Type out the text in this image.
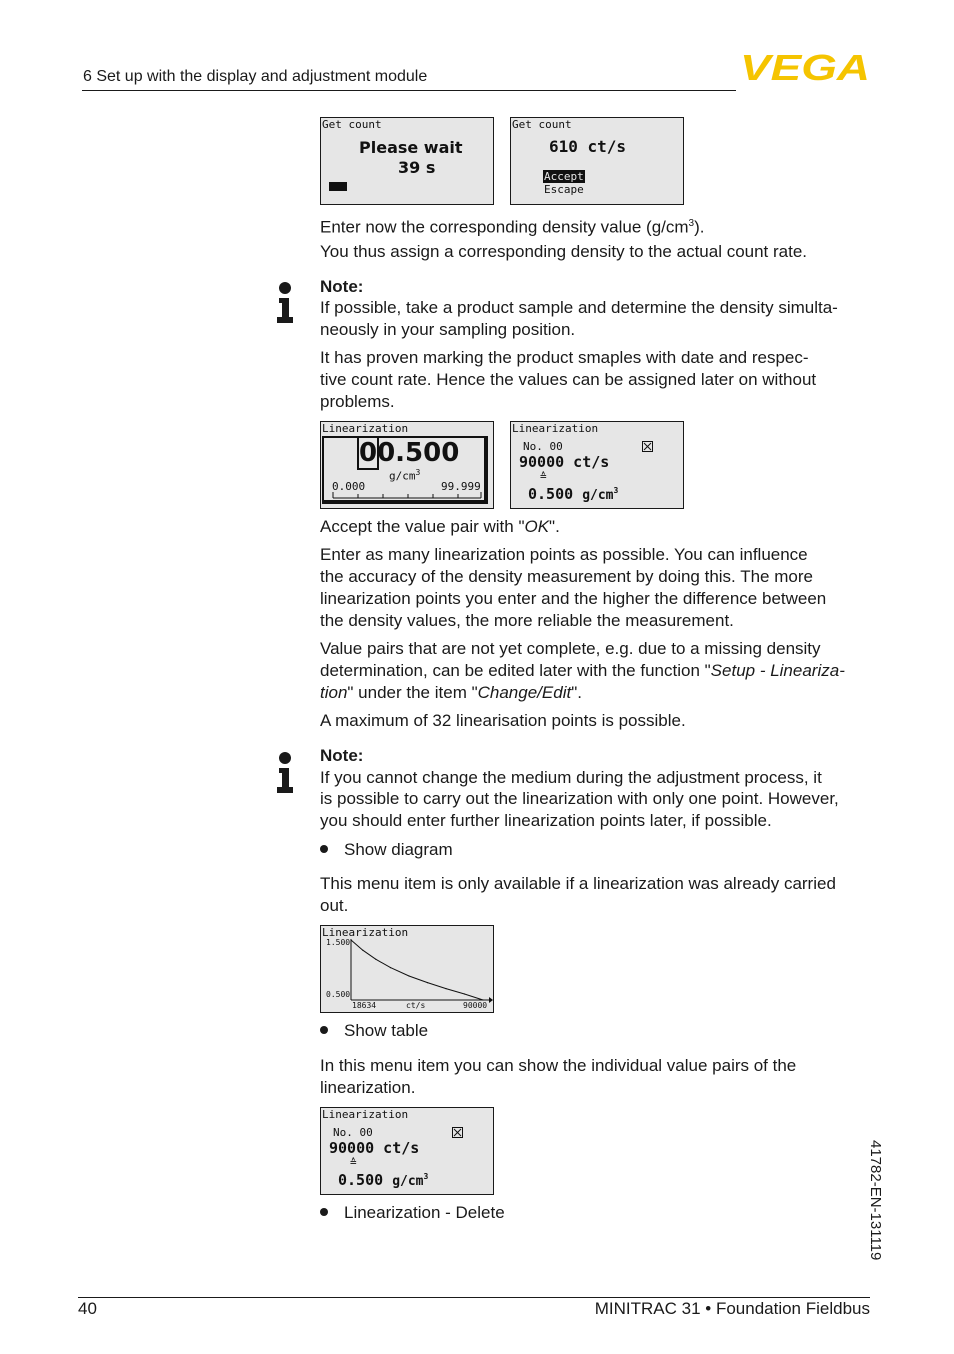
6 Set up with the display and adjustment module	VEGA
Get count
Please wait
39 s
Get count
610 ct/s
Accept
Escape
Enter now the corresponding density value $(g/cm^3)$.
You thus assign a corresponding density to the actual count rate.
Note:
If possible, take a product sample and determine the density simulta-
neously in your sampling position.
It has proven marking the product smaples with date and respec-
tive count rate. Hence the values can be assigned later on without
problems.
Linearization
00.500
$g/cm^3$
0.000	99.999
Linearization
No. 00
90000 ct/s
≙
0.500 $g/cm^3$
Accept the value pair with "OK".
Enter as many linearization points as possible. You can influence
the accuracy of the density measurement by doing this. The more
linearization points you enter and the higher the difference between
the density values, the more reliable the measurement.
Value pairs that are not yet complete, e.g. due to a missing density
determination, can be edited later with the function "Setup - Lineariza-
tion" under the item "Change/Edit".
A maximum of 32 linearisation points is possible.
Note:
If you cannot change the medium during the adjustment process, it
is possible to carry out the linearization with only one point. However,
you should enter further linearization points later, if possible.
Show diagram
This menu item is only available if a linearization was already carried
out.
Linearization
1.500
0.500
18634	ct/s	90000
Show table
In this menu item you can show the individual value pairs of the
linearization.
Linearization
No. 00
90000 ct/s
≙
0.500 $g/cm^3$
Linearization - Delete	41782-EN-131119
40	MINITRAC 31 • Foundation Fieldbus
